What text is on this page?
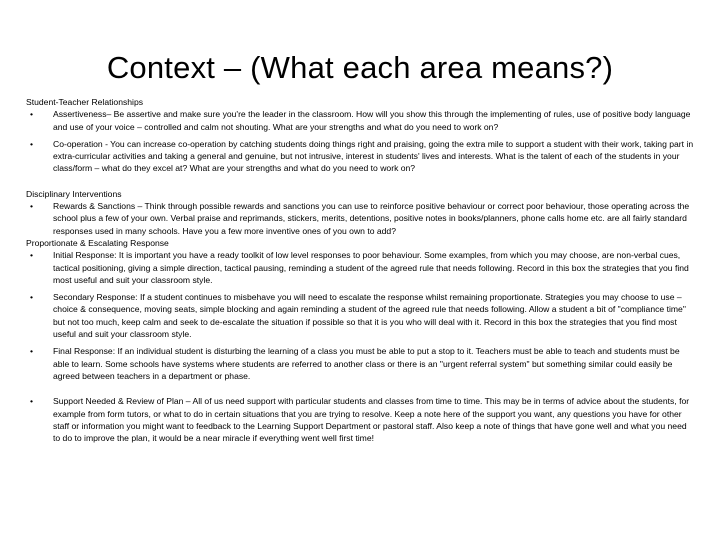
Context – (What each area means?)

Student-Teacher Relationships

• Assertiveness– Be assertive and make sure you're the leader in the classroom. How will you show this through the implementing of rules, use of positive body language and use of your voice – controlled and calm not shouting. What are your strengths and what do you need to work on?
• Co-operation - You can increase co-operation by catching students doing things right and praising, going the extra mile to support a student with their work, taking part in extra-curricular activities and taking a general and genuine, but not intrusive, interest in students' lives and interests. What is the talent of each of the students in your class/form – what do they excel at? What are your strengths and what do you need to work on?

Disciplinary Interventions

• Rewards & Sanctions – Think through possible rewards and sanctions you can use to reinforce positive behaviour or correct poor behaviour, those operating across the school plus a few of your own. Verbal praise and reprimands, stickers, merits, detentions, positive notes in books/planners, phone calls home etc. are all fairly standard responses used in many schools. Have you a few more inventive ones of you own to add?

Proportionate & Escalating Response

• Initial Response: It is important you have a ready toolkit of low level responses to poor behaviour. Some examples, from which you may choose, are non-verbal cues, tactical positioning, giving a simple direction, tactical pausing, reminding a student of the agreed rule that needs following. Record in this box the strategies that you find most useful and suit your classroom style.
• Secondary Response: If a student continues to misbehave you will need to escalate the response whilst remaining proportionate. Strategies you may choose to use – choice & consequence, moving seats, simple blocking and again reminding a student of the agreed rule that needs following. Allow a student a bit of "compliance time" but not too much, keep calm and seek to de-escalate the situation if possible so that it is you who will deal with it. Record in this box the strategies that you find most useful and suit your classroom style.
• Final Response: If an individual student is disturbing the learning of a class you must be able to put a stop to it. Teachers must be able to teach and students must be able to learn. Some schools have systems where students are referred to another class or there is an "urgent referral system" but something similar could easily be agreed between teachers in a department or phase.
• Support Needed & Review of Plan – All of us need support with particular students and classes from time to time. This may be in terms of advice about the students, for example from form tutors, or what to do in certain situations that you are trying to resolve. Keep a note here of the support you want, any questions you have for other staff or information you might want to feedback to the Learning Support Department or pastoral staff. Also keep a note of things that have gone well and what you need to do to improve the plan, it would be a near miracle if everything went well first time!
